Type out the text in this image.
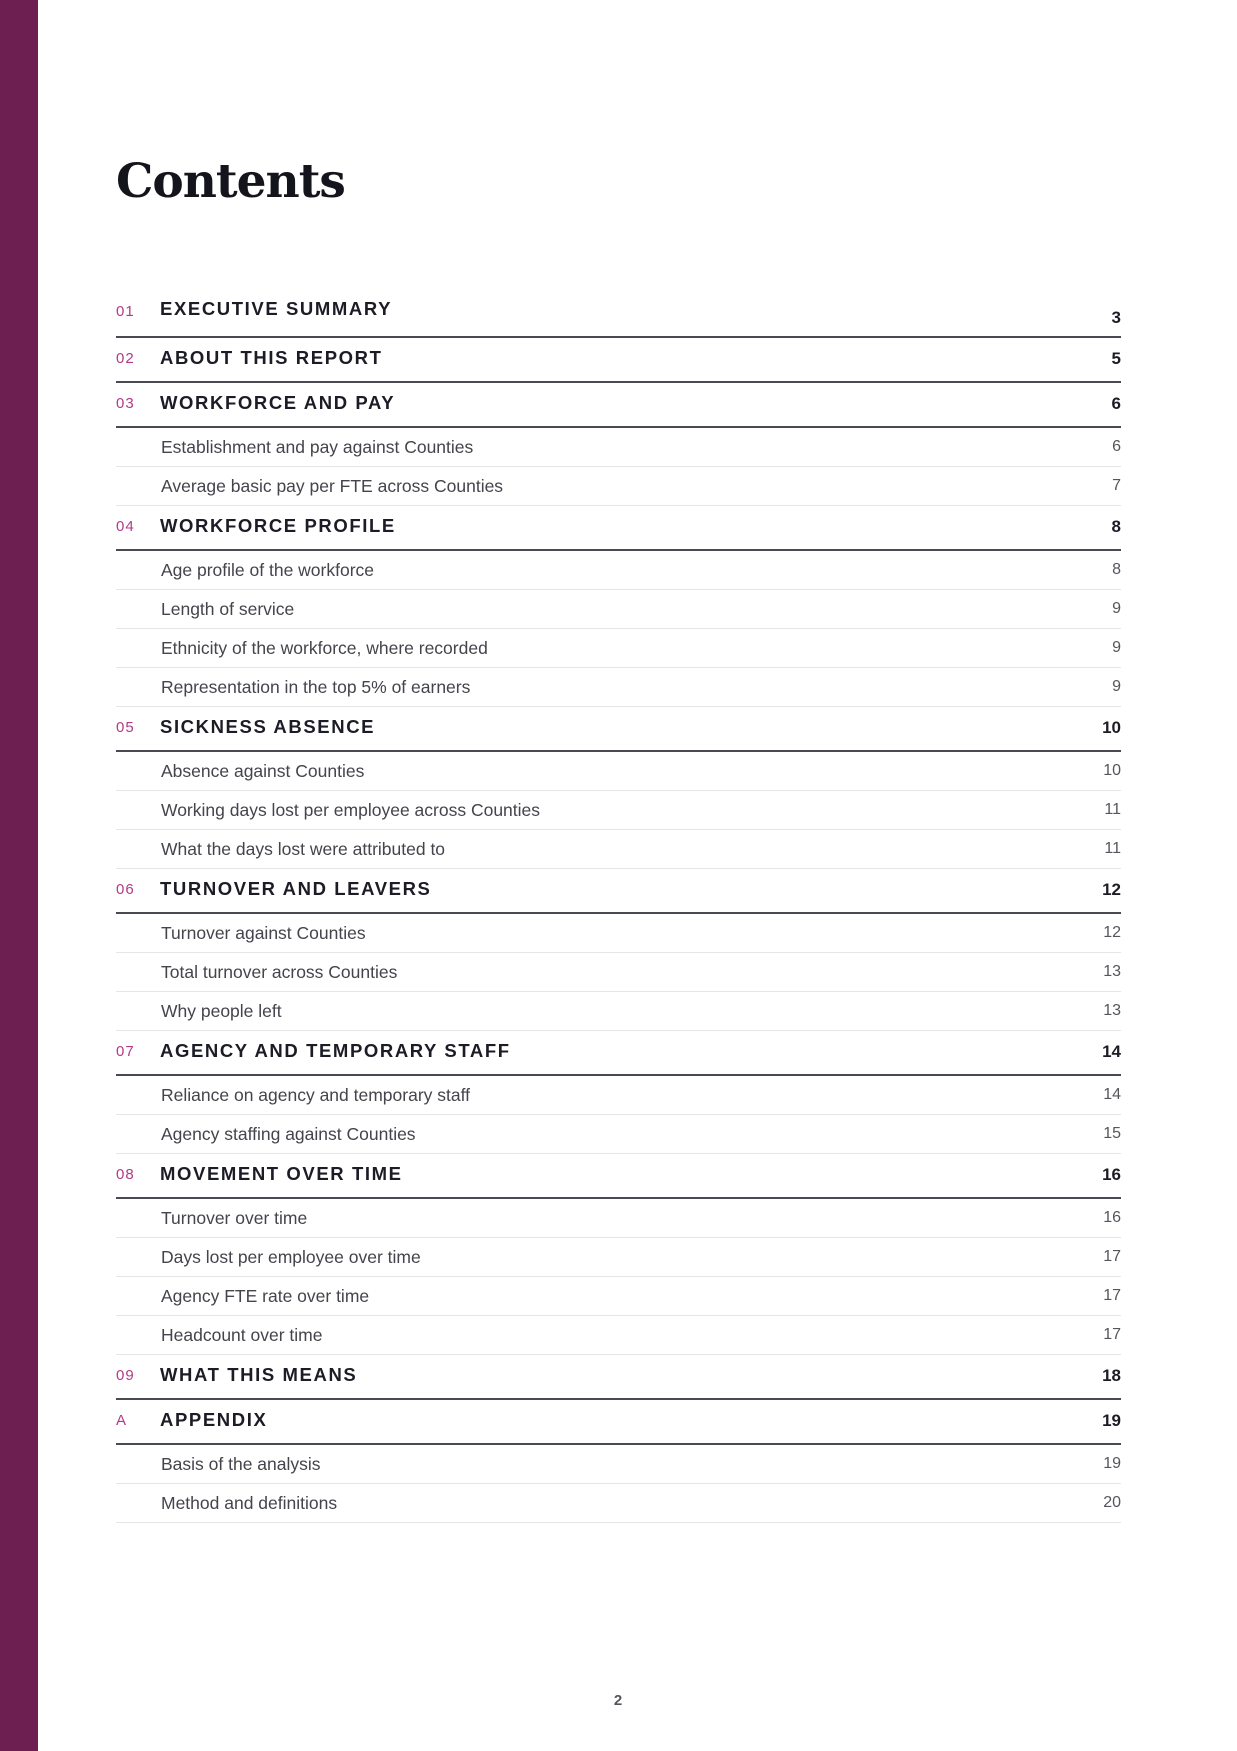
Contents
01 EXECUTIVE SUMMARY	3
02 ABOUT THIS REPORT	5
03 WORKFORCE AND PAY	6
Establishment and pay against Counties	6
Average basic pay per FTE across Counties	7
04 WORKFORCE PROFILE	8
Age profile of the workforce	8
Length of service	9
Ethnicity of the workforce, where recorded	9
Representation in the top 5% of earners	9
05 SICKNESS ABSENCE	10
Absence against Counties	10
Working days lost per employee across Counties	11
What the days lost were attributed to	11
06 TURNOVER AND LEAVERS	12
Turnover against Counties	12
Total turnover across Counties	13
Why people left	13
07 AGENCY AND TEMPORARY STAFF	14
Reliance on agency and temporary staff	14
Agency staffing against Counties	15
08 MOVEMENT OVER TIME	16
Turnover over time	16
Days lost per employee over time	17
Agency FTE rate over time	17
Headcount over time	17
09 WHAT THIS MEANS	18
A APPENDIX	19
Basis of the analysis	19
Method and definitions	20
2
